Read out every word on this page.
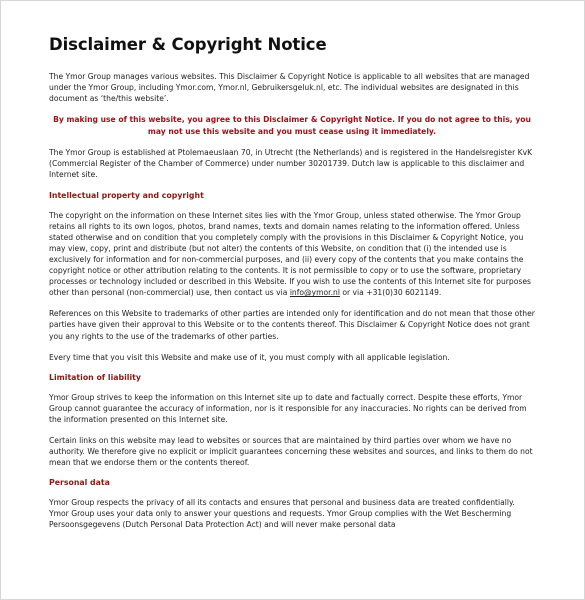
Disclaimer & Copyright Notice

The Ymor Group manages various websites. This Disclaimer & Copyright Notice is applicable to all websites that are managed under the Ymor Group, including Ymor.com, Ymor.nl, Gebruikersgeluk.nl, etc. The individual websites are designated in this document as ‘the/this website’.

By making use of this website, you agree to this Disclaimer & Copyright Notice. If you do not agree to this, you may not use this website and you must cease using it immediately.

The Ymor Group is established at Ptolemaeuslaan 70, in Utrecht (the Netherlands) and is registered in the Handelsregister KvK (Commercial Register of the Chamber of Commerce) under number 30201739. Dutch law is applicable to this disclaimer and Internet site.

Intellectual property and copyright

The copyright on the information on these Internet sites lies with the Ymor Group, unless stated otherwise. The Ymor Group retains all rights to its own logos, photos, brand names, texts and domain names relating to the information offered. Unless stated otherwise and on condition that you completely comply with the provisions in this Disclaimer & Copyright Notice, you may view, copy, print and distribute (but not alter) the contents of this Website, on condition that (i) the intended use is exclusively for information and for non-commercial purposes, and (ii) every copy of the contents that you make contains the copyright notice or other attribution relating to the contents. It is not permissible to copy or to use the software, proprietary processes or technology included or described in this Website. If you wish to use the contents of this Internet site for purposes other than personal (non-commercial) use, then contact us via info@ymor.nl or via +31(0)30 6021149.

References on this Website to trademarks of other parties are intended only for identification and do not mean that those other parties have given their approval to this Website or to the contents thereof. This Disclaimer & Copyright Notice does not grant you any rights to the use of the trademarks of other parties.

Every time that you visit this Website and make use of it, you must comply with all applicable legislation.

Limitation of liability

Ymor Group strives to keep the information on this Internet site up to date and factually correct. Despite these efforts, Ymor Group cannot guarantee the accuracy of information, nor is it responsible for any inaccuracies. No rights can be derived from the information presented on this Internet site.

Certain links on this website may lead to websites or sources that are maintained by third parties over whom we have no authority. We therefore give no explicit or implicit guarantees concerning these websites and sources, and links to them do not mean that we endorse them or the contents thereof.

Personal data

Ymor Group respects the privacy of all its contacts and ensures that personal and business data are treated confidentially. Ymor Group uses your data only to answer your questions and requests. Ymor Group complies with the Wet Bescherming Persoonsgegevens (Dutch Personal Data Protection Act) and will never make personal data
